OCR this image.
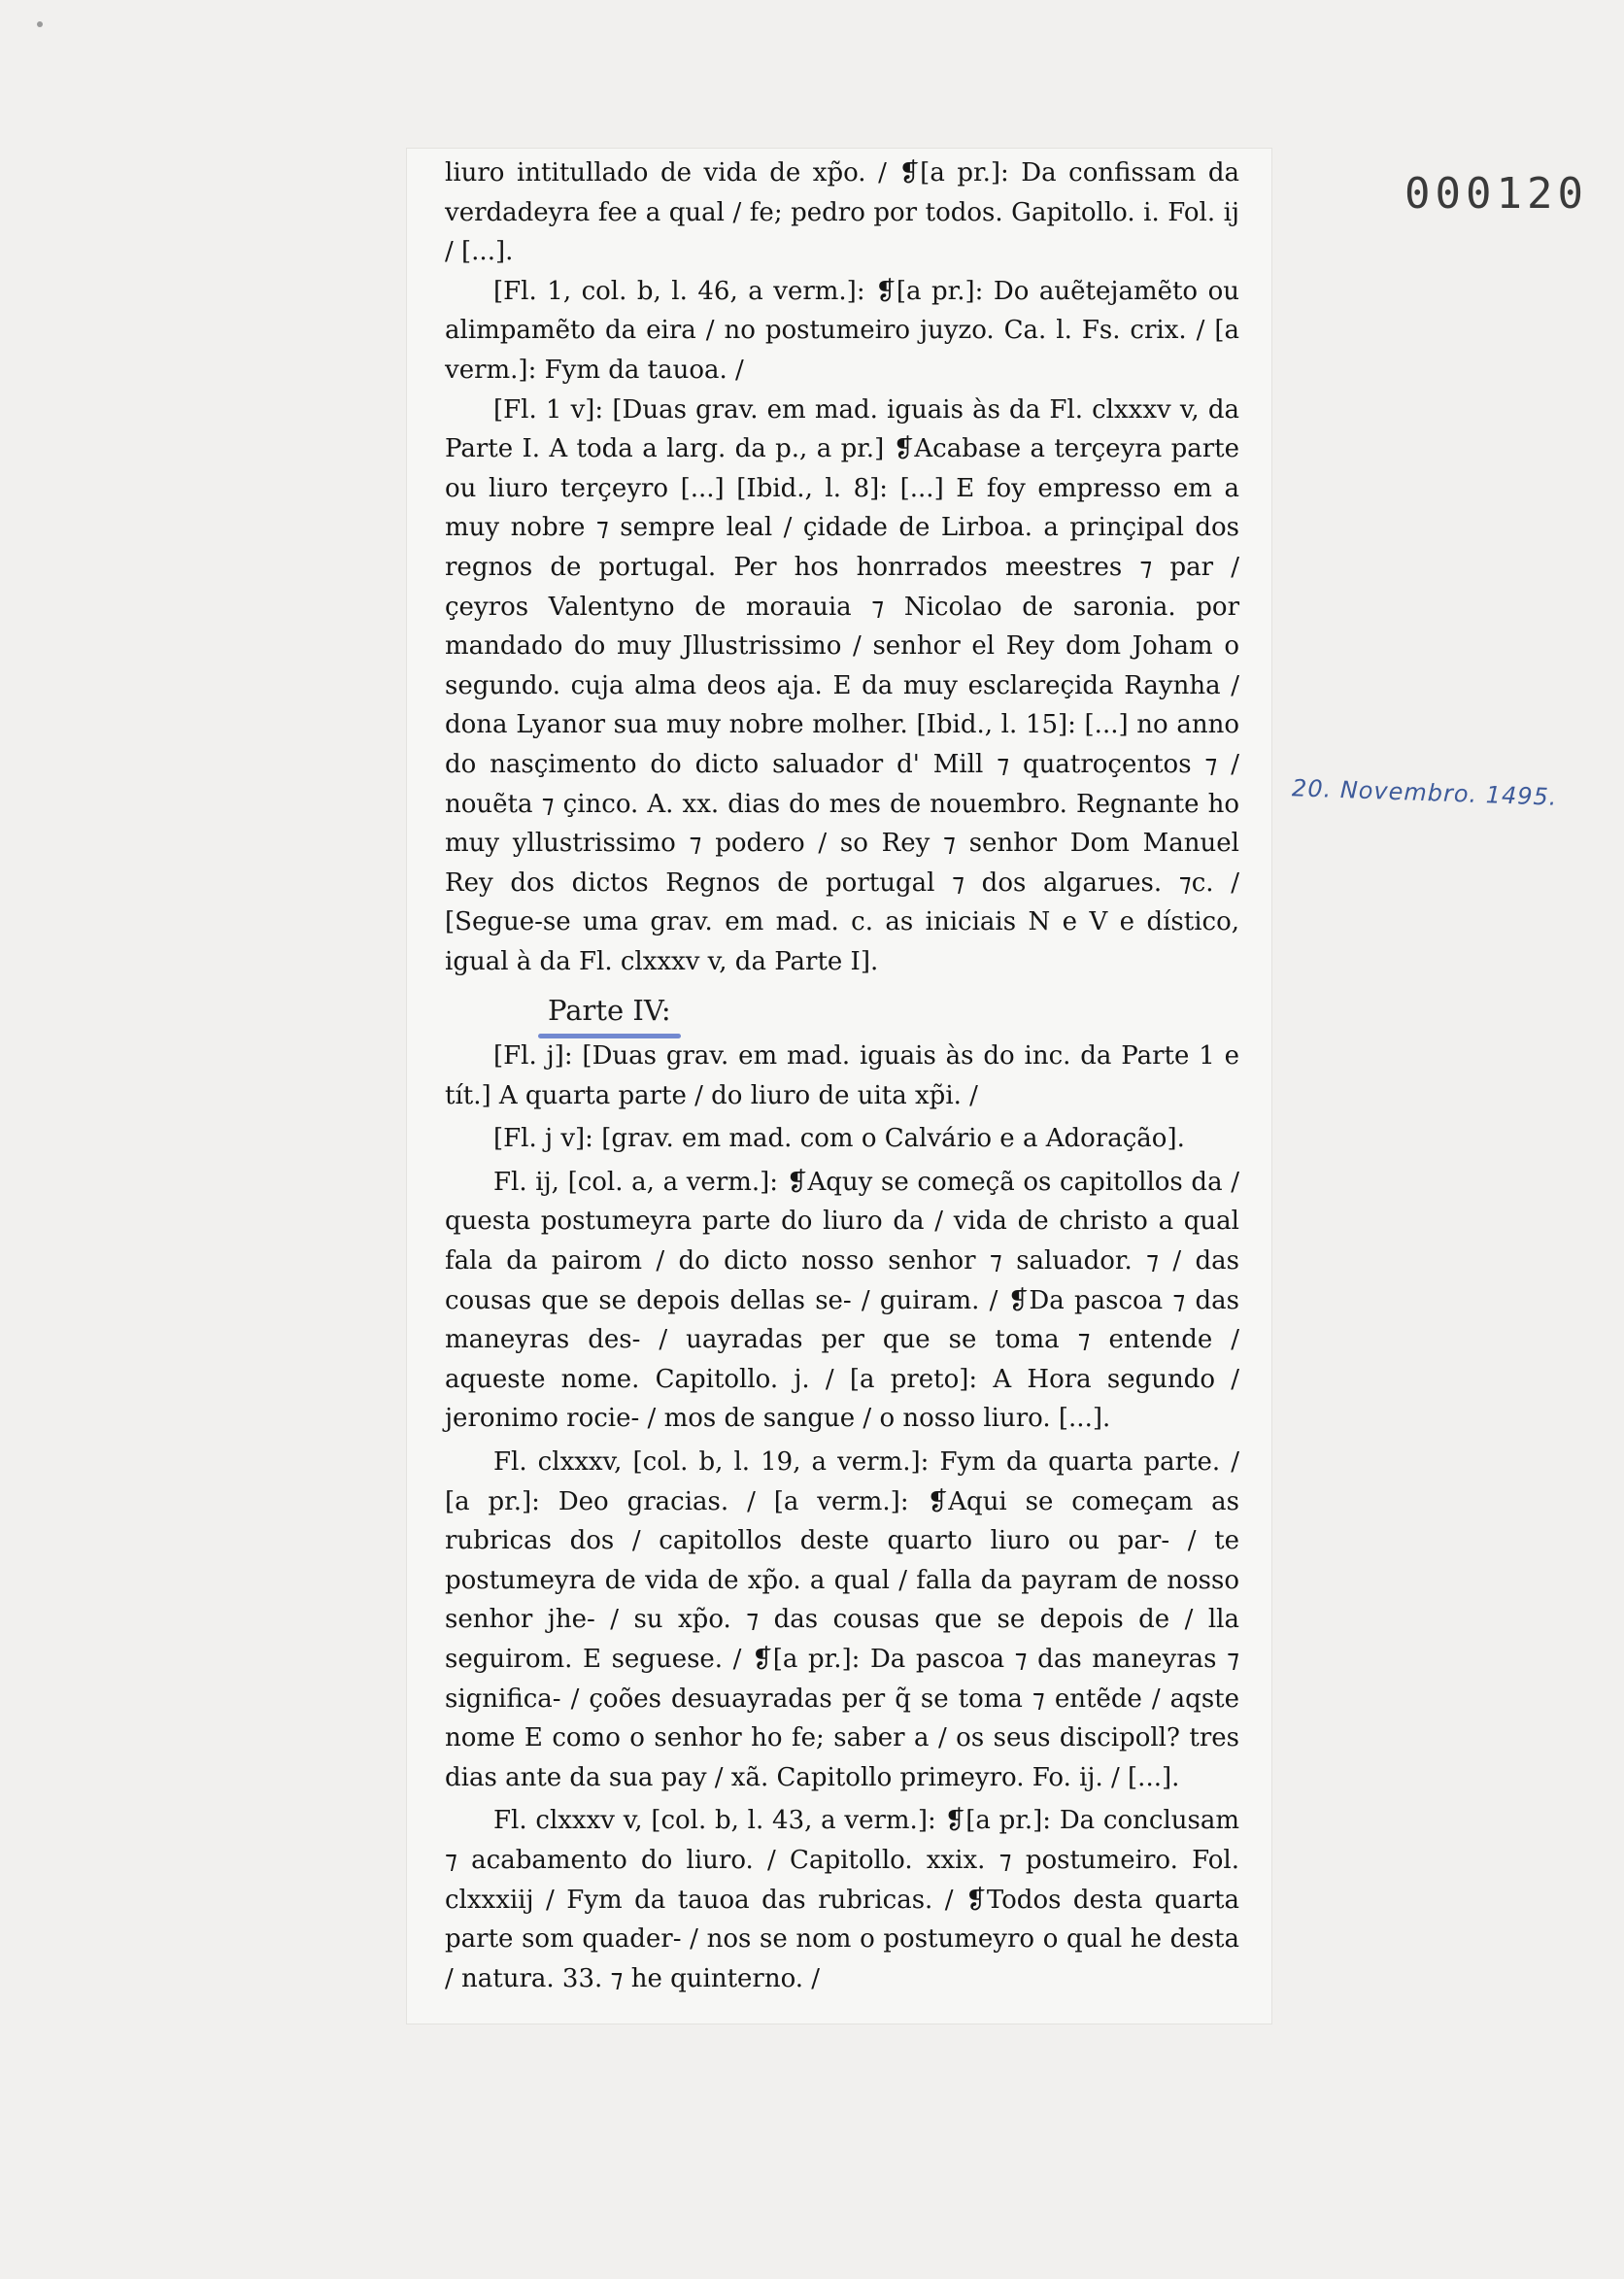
000120
20. Novembro. 1495.

liuro intitullado de vida de xp̃o. / ❡[a pr.]: Da confissam da verdadeyra fee a qual / fe; pedro por todos. Gapitollo. i. Fol. ij / [...].

[Fl. 1, col. b, l. 46, a verm.]: ❡[a pr.]: Do auẽtejamẽto ou alimpamẽto da eira / no postumeiro juyzo. Ca. l. Fs. crix. / [a verm.]: Fym da tauoa. /

[Fl. 1 v]: [Duas grav. em mad. iguais às da Fl. clxxxv v, da Parte I. A toda a larg. da p., a pr.] ❡Acabase a terçeyra parte ou liuro terçeyro [...] [Ibid., l. 8]: [...] E foy empresso em a muy nobre ⁊ sempre leal / çidade de Lirboa. a prinçipal dos regnos de portugal. Per hos honrrados meestres ⁊ par / çeyros Valentyno de morauia ⁊ Nicolao de saronia. por mandado do muy Jllustrissimo / senhor el Rey dom Joham o segundo. cuja alma deos aja. E da muy esclareçida Raynha / dona Lyanor sua muy nobre molher. [Ibid., l. 15]: [...] no anno do nasçimento do dicto saluador d' Mill ⁊ quatroçentos ⁊ / nouẽta ⁊ çinco. A. xx. dias do mes de nouembro. Regnante ho muy yllustrissimo ⁊ podero / so Rey ⁊ senhor Dom Manuel Rey dos dictos Regnos de portugal ⁊ dos algarues. ⁊c. / [Segue-se uma grav. em mad. c. as iniciais N e V e dístico, igual à da Fl. clxxxv v, da Parte I].

Parte IV:

[Fl. j]: [Duas grav. em mad. iguais às do inc. da Parte 1 e tít.] A quarta parte / do liuro de uita xp̃i. /

[Fl. j v]: [grav. em mad. com o Calvário e a Adoração].

Fl. ij, [col. a, a verm.]: ❡Aquy se começã os capitollos da / questa postumeyra parte do liuro da / vida de christo a qual fala da pairom / do dicto nosso senhor ⁊ saluador. ⁊ / das cousas que se depois dellas se- / guiram. / ❡Da pascoa ⁊ das maneyras des- / uayradas per que se toma ⁊ entende / aqueste nome. Capitollo. j. / [a preto]: A Hora segundo / jeronimo rocie- / mos de sangue / o nosso liuro. [...].

Fl. clxxxv, [col. b, l. 19, a verm.]: Fym da quarta parte. / [a pr.]: Deo gracias. / [a verm.]: ❡Aqui se começam as rubricas dos / capitollos deste quarto liuro ou par- / te postumeyra de vida de xp̃o. a qual / falla da payram de nosso senhor jhe- / su xp̃o. ⁊ das cousas que se depois de / lla seguirom. E seguese. / ❡[a pr.]: Da pascoa ⁊ das maneyras ⁊ significa- / çoões desuayradas per q̃ se toma ⁊ entẽde / aqste nome E como o senhor ho fe; saber a / os seus discipoll? tres dias ante da sua pay / xã. Capitollo primeyro. Fo. ij. / [...].

Fl. clxxxv v, [col. b, l. 43, a verm.]: ❡[a pr.]: Da conclusam ⁊ acabamento do liuro. / Capitollo. xxix. ⁊ postumeiro. Fol. clxxxiij / Fym da tauoa das rubricas. / ❡Todos desta quarta parte som quader- / nos se nom o postumeyro o qual he desta / natura. 33. ⁊ he quinterno. /
